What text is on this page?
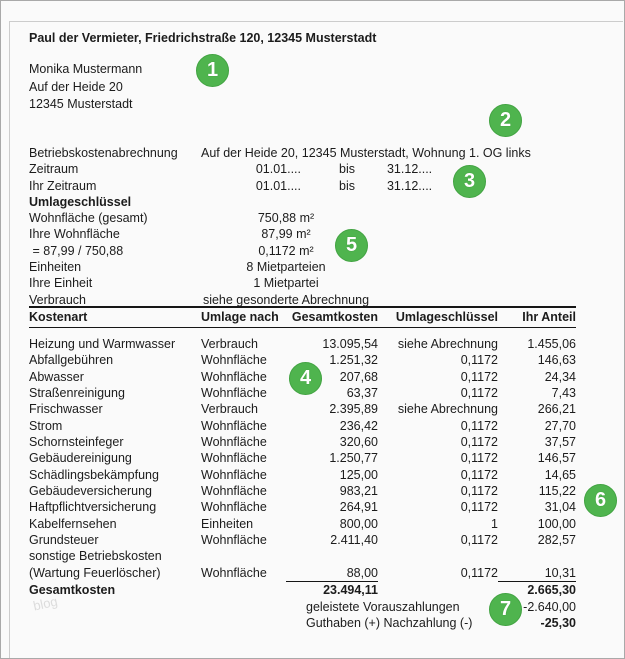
Paul der Vermieter, Friedrichstraße 120, 12345 Musterstadt
Monika Mustermann
Auf der Heide 20
12345 Musterstadt
Betriebskostenabrechnung	Auf der Heide 20, 12345 Musterstadt, Wohnung 1. OG links
Zeitraum	01.01....	bis	31.12....
Ihr Zeitraum	01.01....	bis	31.12....
Umlageschlüssel
Wohnfläche (gesamt)	750,88 m²
Ihre Wohnfläche	87,99 m²
= 87,99 / 750,88	0,1172 m²
Einheiten	8 Mietparteien
Ihre Einheit	1 Mietpartei
Verbrauch	siehe gesonderte Abrechnung
Kostenart	Umlage nach	Gesamtkosten	Umlageschlüssel	Ihr Anteil

Heizung und Warmwasser	Verbrauch	13.095,54	siehe Abrechnung	1.455,06
Abfallgebühren	Wohnfläche	1.251,32	0,1172	146,63
Abwasser	Wohnfläche	207,68	0,1172	24,34
Straßenreinigung	Wohnfläche	63,37	0,1172	7,43
Frischwasser	Verbrauch	2.395,89	siehe Abrechnung	266,21
Strom	Wohnfläche	236,42	0,1172	27,70
Schornsteinfeger	Wohnfläche	320,60	0,1172	37,57
Gebäudereinigung	Wohnfläche	1.250,77	0,1172	146,57
Schädlingsbekämpfung	Wohnfläche	125,00	0,1172	14,65
Gebäudeversicherung	Wohnfläche	983,21	0,1172	115,22
Haftpflichtversicherung	Wohnfläche	264,91	0,1172	31,04
Kabelfernsehen	Einheiten	800,00	1	100,00
Grundsteuer	Wohnfläche	2.411,40	0,1172	282,57
sonstige Betriebskosten				
(Wartung Feuerlöscher)	Wohnfläche	88,00	0,1172	10,31
Gesamtkosten		23.494,11		2.665,30
		geleistete Vorauszahlungen		-2.640,00
		Guthaben (+) Nachzahlung (-)		-25,30
1
2
3
4
5
6
7
blog
